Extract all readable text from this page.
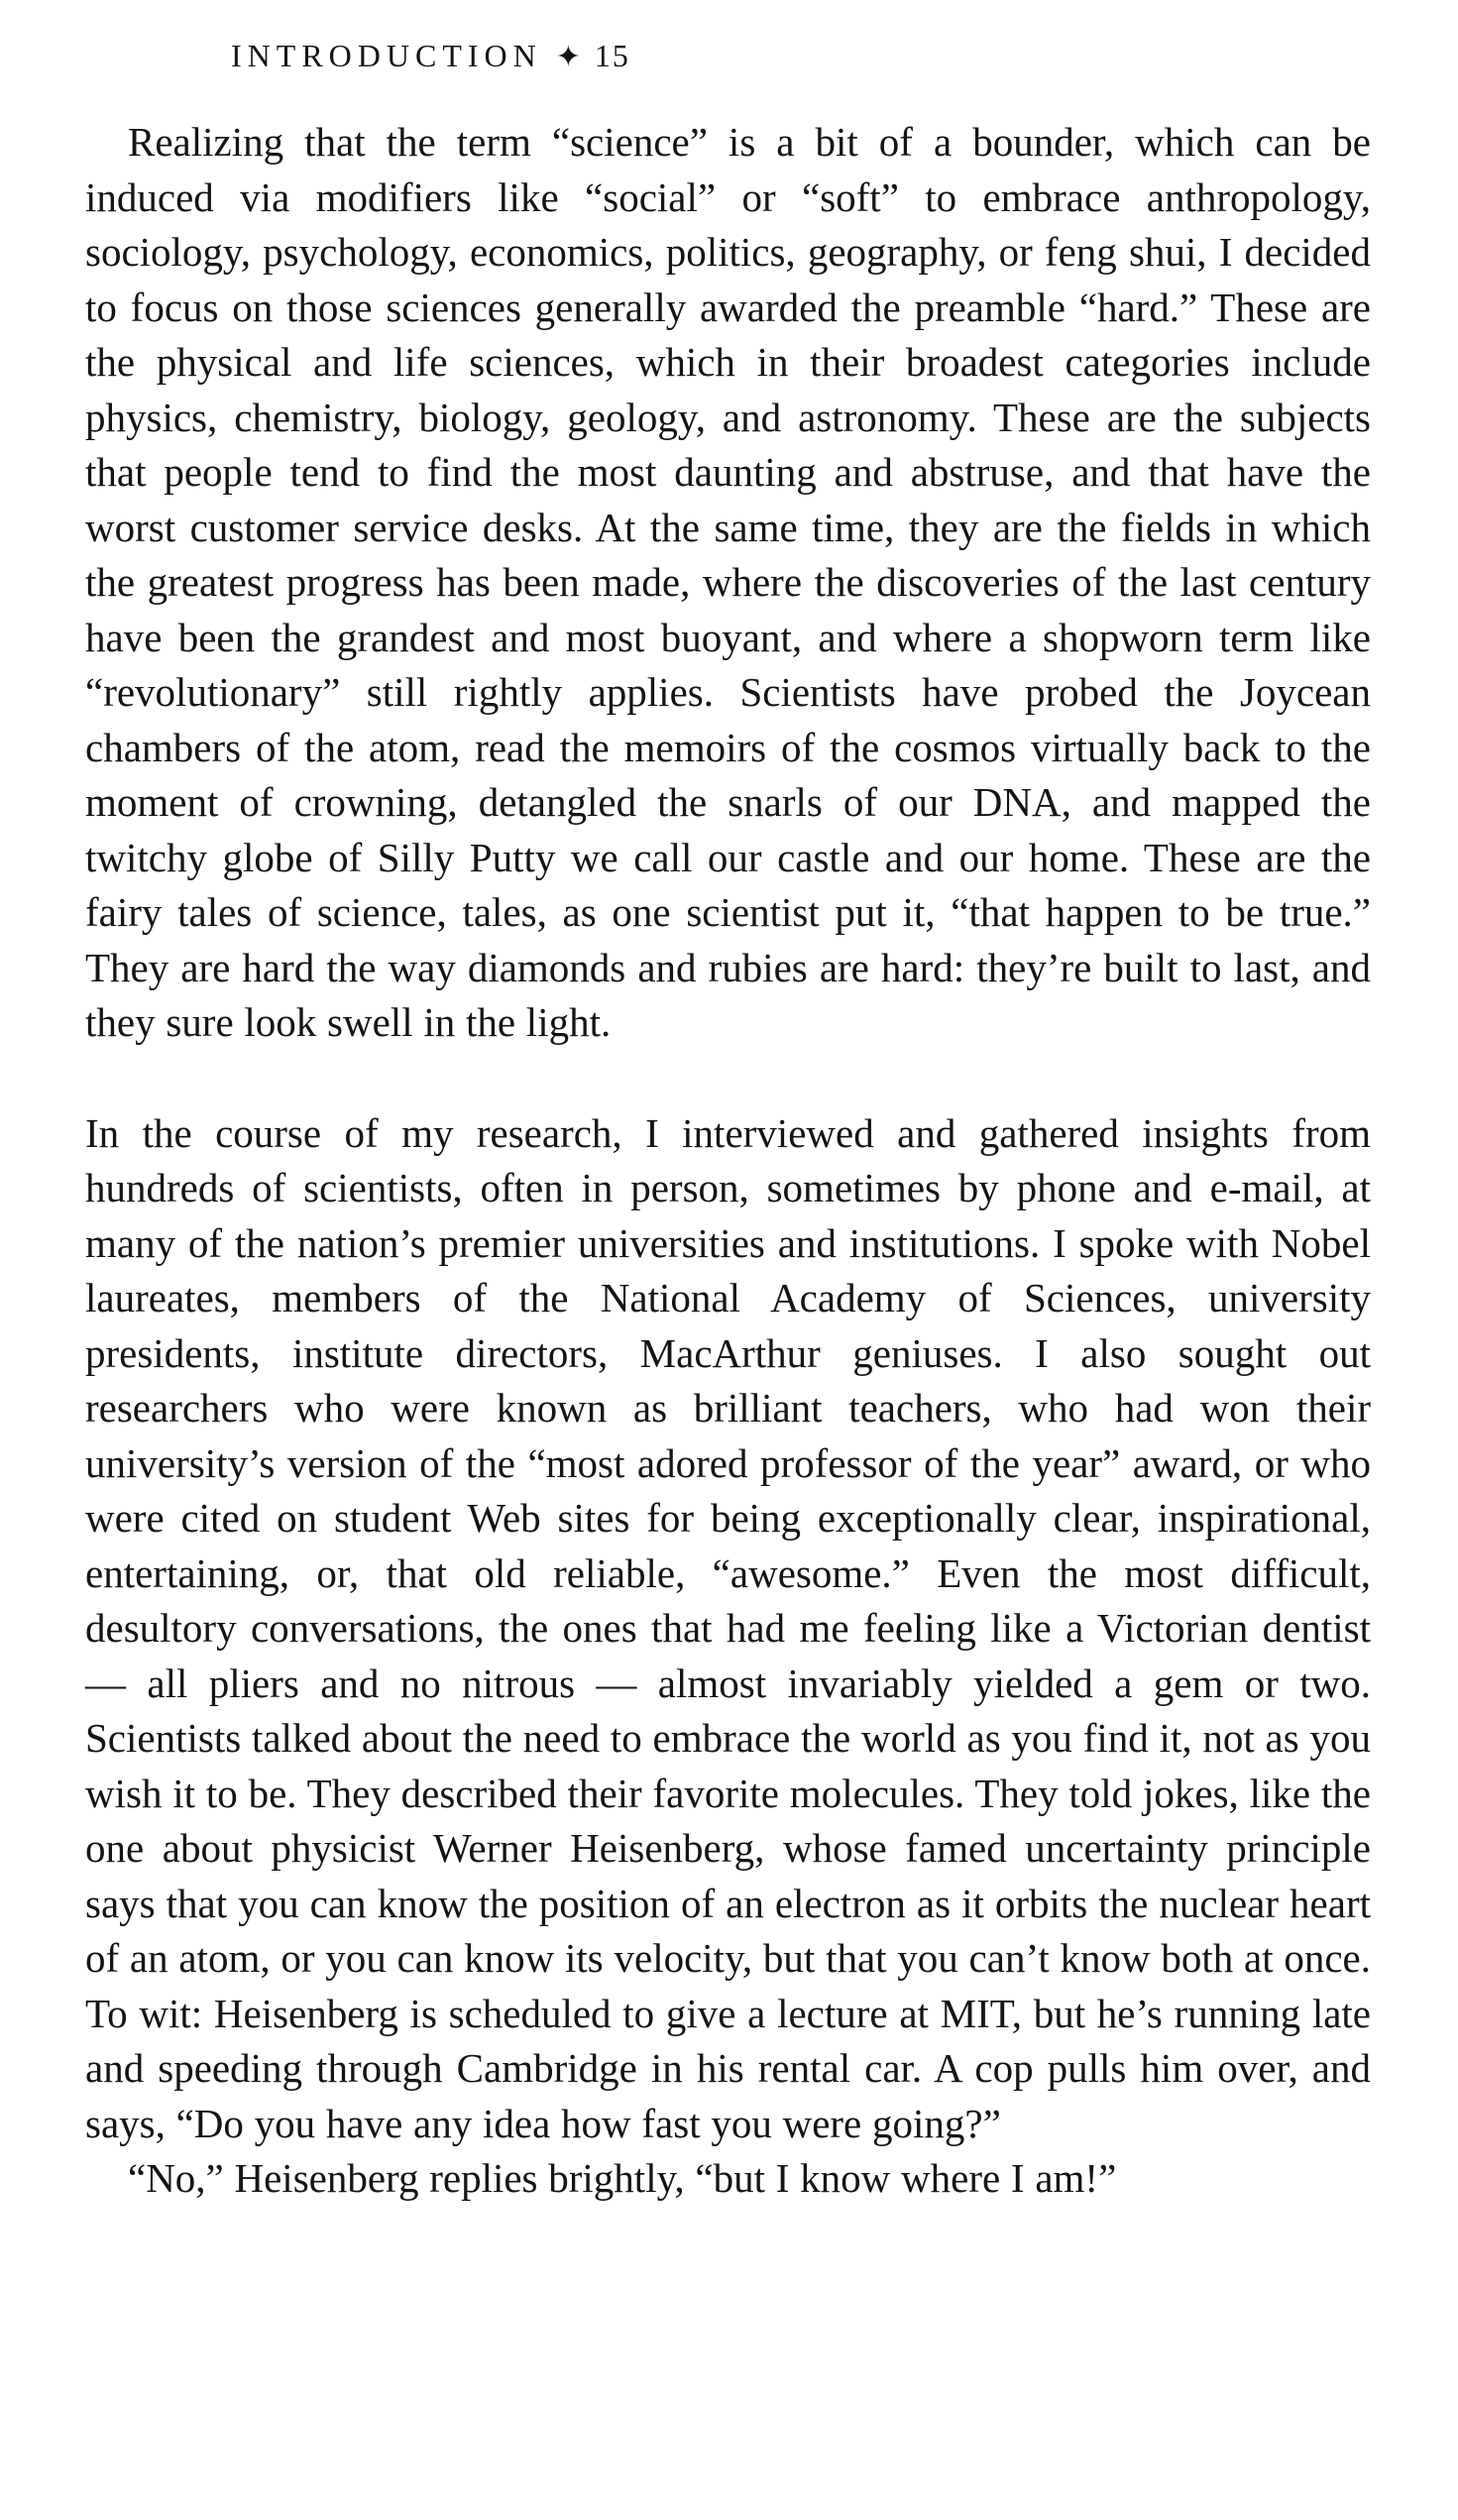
INTRODUCTION ✦ 15

Realizing that the term “science” is a bit of a bounder, which can be induced via modifiers like “social” or “soft” to embrace anthropology, sociology, psychology, economics, politics, geography, or feng shui, I decided to focus on those sciences generally awarded the preamble “hard.” These are the physical and life sciences, which in their broadest categories include physics, chemistry, biology, geology, and astronomy. These are the subjects that people tend to find the most daunting and abstruse, and that have the worst customer service desks. At the same time, they are the fields in which the greatest progress has been made, where the discoveries of the last century have been the grandest and most buoyant, and where a shopworn term like “revolutionary” still rightly applies. Scientists have probed the Joycean chambers of the atom, read the memoirs of the cosmos virtually back to the moment of crowning, detangled the snarls of our DNA, and mapped the twitchy globe of Silly Putty we call our castle and our home. These are the fairy tales of science, tales, as one scientist put it, “that happen to be true.” They are hard the way diamonds and rubies are hard: they’re built to last, and they sure look swell in the light.

In the course of my research, I interviewed and gathered insights from hundreds of scientists, often in person, sometimes by phone and e-mail, at many of the nation’s premier universities and institutions. I spoke with Nobel laureates, members of the National Academy of Sciences, university presidents, institute directors, MacArthur geniuses. I also sought out researchers who were known as brilliant teachers, who had won their university’s version of the “most adored professor of the year” award, or who were cited on student Web sites for being exceptionally clear, inspirational, entertaining, or, that old reliable, “awesome.” Even the most difficult, desultory conversations, the ones that had me feeling like a Victorian dentist — all pliers and no nitrous — almost invariably yielded a gem or two. Scientists talked about the need to embrace the world as you find it, not as you wish it to be. They described their favorite molecules. They told jokes, like the one about physicist Werner Heisenberg, whose famed uncertainty principle says that you can know the position of an electron as it orbits the nuclear heart of an atom, or you can know its velocity, but that you can’t know both at once. To wit: Heisenberg is scheduled to give a lecture at MIT, but he’s running late and speeding through Cambridge in his rental car. A cop pulls him over, and says, “Do you have any idea how fast you were going?”

“No,” Heisenberg replies brightly, “but I know where I am!”
